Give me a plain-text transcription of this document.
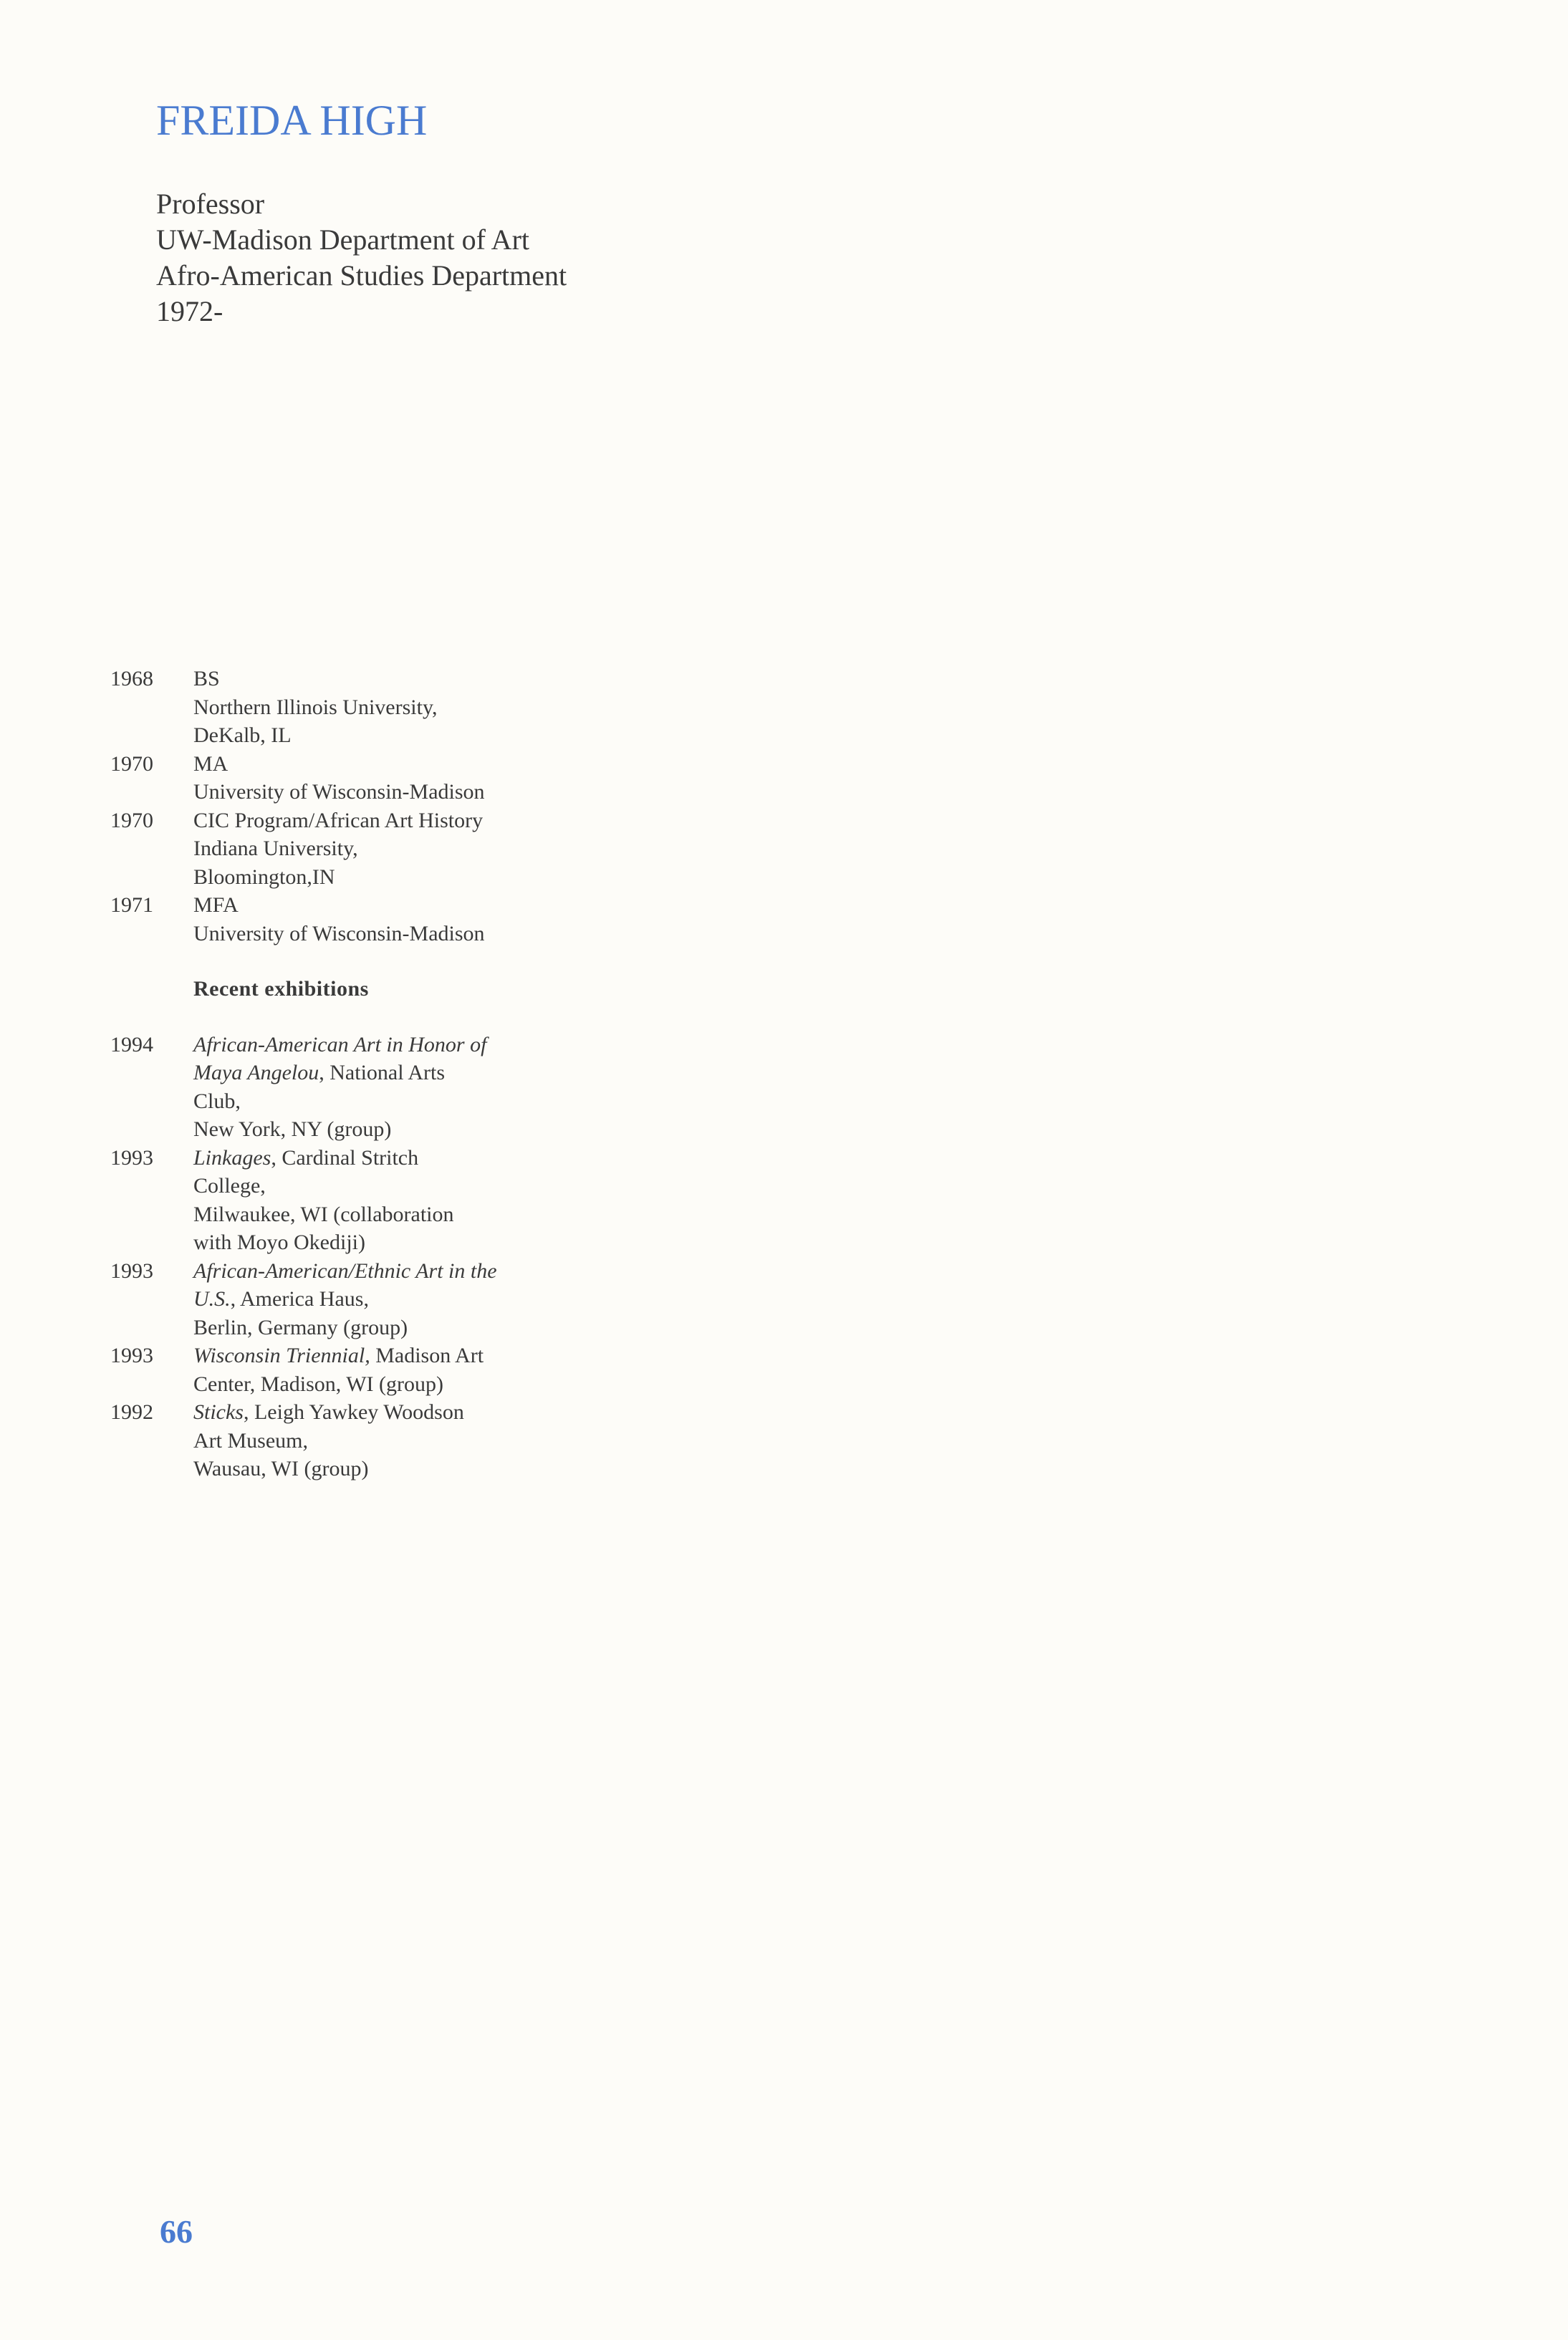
FREIDA HIGH
Professor
UW-Madison Department of Art
Afro-American Studies Department
1972-
1968	BS
Northern Illinois University,
DeKalb, IL
1970	MA
University of Wisconsin-Madison
1970	CIC Program/African Art History
Indiana University,
Bloomington,IN
1971	MFA
University of Wisconsin-Madison
Recent exhibitions
1994	African-American Art in Honor of
Maya Angelou, National Arts
Club,
New York, NY (group)
1993	Linkages, Cardinal Stritch
College,
Milwaukee, WI (collaboration
with Moyo Okediji)
1993	African-American/Ethnic Art in the
U.S., America Haus,
Berlin, Germany (group)
1993	Wisconsin Triennial, Madison Art
Center, Madison, WI (group)
1992	Sticks, Leigh Yawkey Woodson
Art Museum,
Wausau, WI (group)
66
